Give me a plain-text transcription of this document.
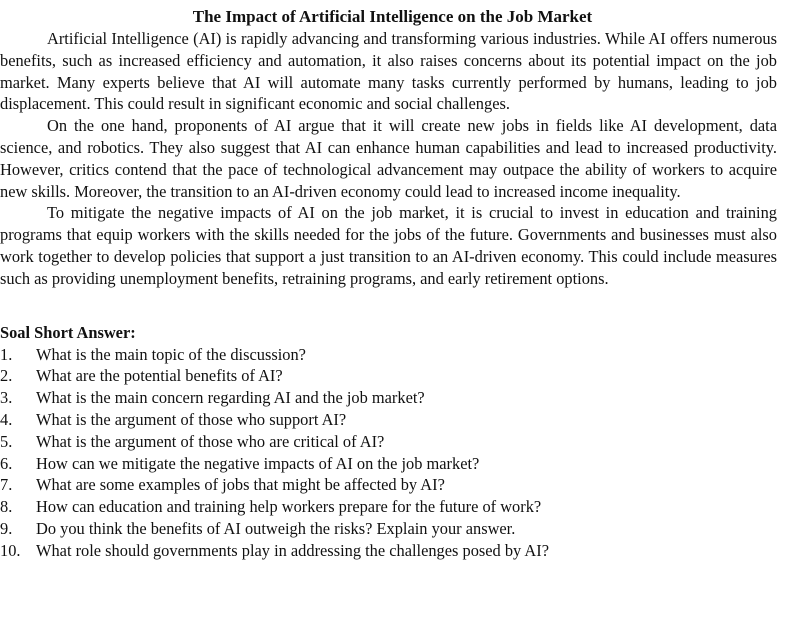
The Impact of Artificial Intelligence on the Job Market

Artificial Intelligence (AI) is rapidly advancing and transforming various industries. While AI offers numerous benefits, such as increased efficiency and automation, it also raises concerns about its potential impact on the job market. Many experts believe that AI will automate many tasks currently performed by humans, leading to job displacement. This could result in significant economic and social challenges.

On the one hand, proponents of AI argue that it will create new jobs in fields like AI development, data science, and robotics. They also suggest that AI can enhance human capabilities and lead to increased productivity. However, critics contend that the pace of technological advancement may outpace the ability of workers to acquire new skills. Moreover, the transition to an AI-driven economy could lead to increased income inequality.

To mitigate the negative impacts of AI on the job market, it is crucial to invest in education and training programs that equip workers with the skills needed for the jobs of the future. Governments and businesses must also work together to develop policies that support a just transition to an AI-driven economy. This could include measures such as providing unemployment benefits, retraining programs, and early retirement options.

Soal Short Answer:
1.	What is the main topic of the discussion?
2.	What are the potential benefits of AI?
3.	What is the main concern regarding AI and the job market?
4.	What is the argument of those who support AI?
5.	What is the argument of those who are critical of AI?
6.	How can we mitigate the negative impacts of AI on the job market?
7.	What are some examples of jobs that might be affected by AI?
8.	How can education and training help workers prepare for the future of work?
9.	Do you think the benefits of AI outweigh the risks? Explain your answer.
10. What role should governments play in addressing the challenges posed by AI?
